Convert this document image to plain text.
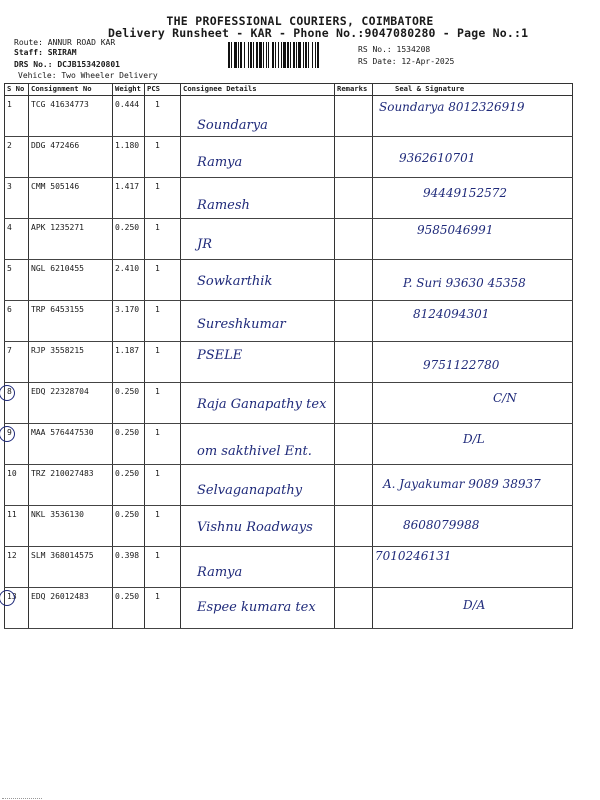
THE PROFESSIONAL COURIERS, COIMBATORE
Delivery Runsheet - KAR - Phone No.:9047080280 - Page No.:1
Route: ANNUR ROAD KAR
Staff: SRIRAM
DRS No.: DCJB153420801
Vehicle: Two Wheeler Delivery
RS No.: 1534208
RS Date: 12-Apr-2025
S No	Consignment No	Weight	PCS	Consignee Details	Remarks	Seal & Signature

1	TCG 41634773	0.444	1	Soundarya		Soundarya 8012326919

2	DDG 472466	1.180	1	Ramya		9362610701

3	CMM 505146	1.417	1	Ramesh		94449152572

4	APK 1235271	0.250	1	JR		9585046991

5	NGL 6210455	2.410	1	Sowkarthik		P. Suri 93630 45358

6	TRP 6453155	3.170	1	Sureshkumar		8124094301

7	RJP 3558215	1.187	1	PSELE		9751122780

8	EDQ 22328704	0.250	1	Raja Ganapathy tex		C/N

9	MAA 576447530	0.250	1	om sakthivel Ent.		D/L

10	TRZ 210027483	0.250	1	Selvaganapathy		A. Jayakumar 9089 38937

11	NKL 3536130	0.250	1	Vishnu Roadways		8608079988

12	SLM 368014575	0.398	1	Ramya		7010246131

13	EDQ 26012483	0.250	1	Espee kumara tex		D/A
